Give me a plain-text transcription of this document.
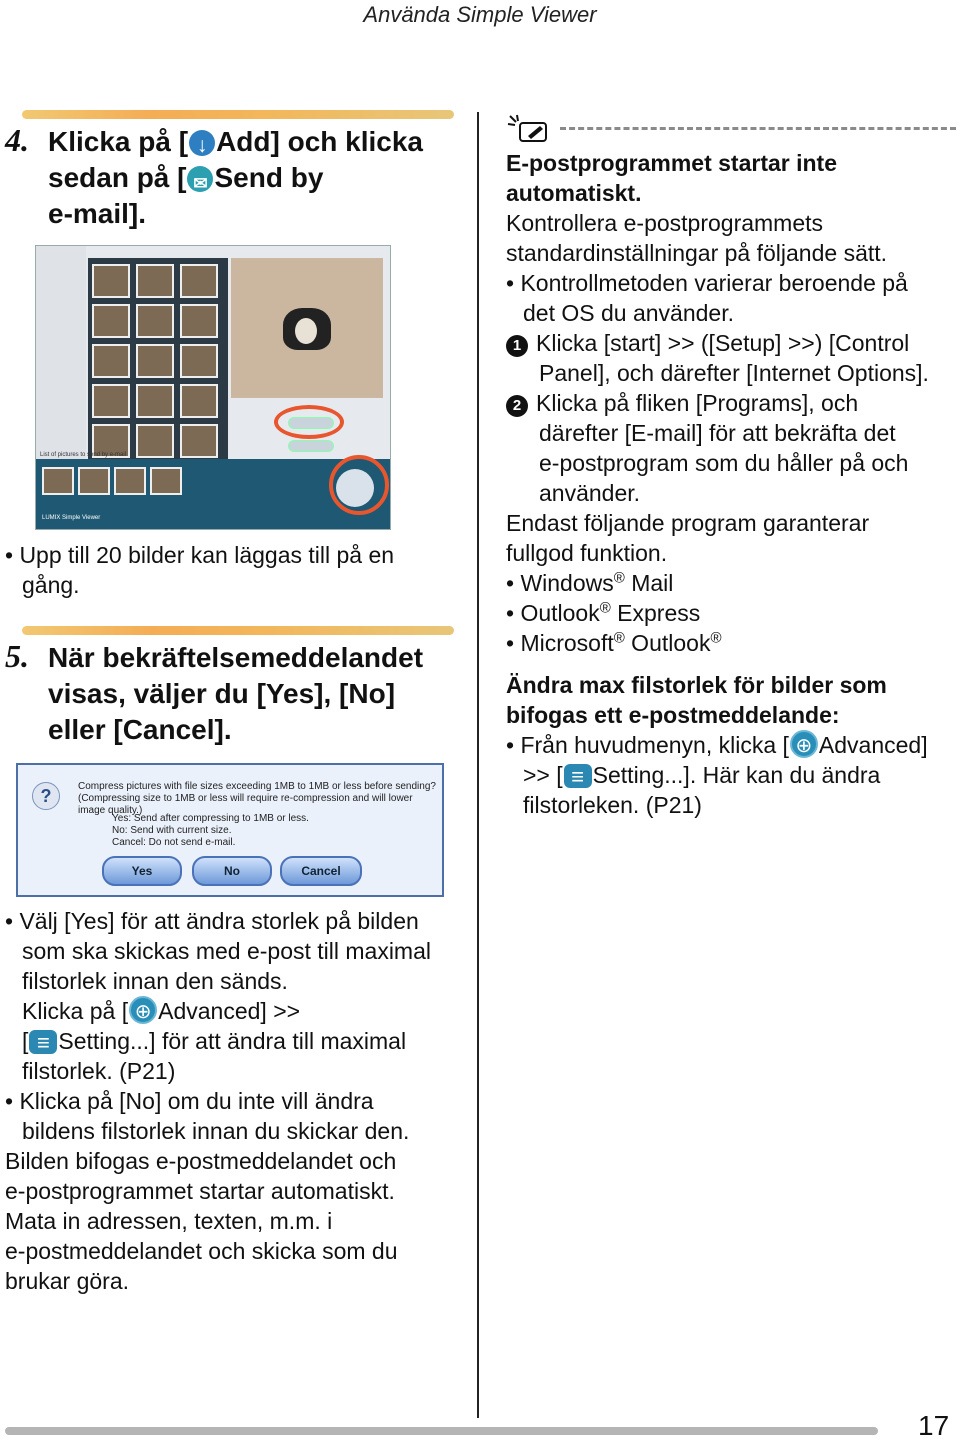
Använda Simple Viewer
17
4. Klicka på [ ↓ Add] och klicka
sedan på [ ✉ Send by
e-mail].
List of pictures to send by e-mail
LUMIX Simple Viewer
• Upp till 20 bilder kan läggas till på en
gång.
5. När bekräftelsemeddelandet
visas, väljer du [Yes], [No]
eller [Cancel].
?	Compress pictures with file sizes exceeding 1MB to 1MB or less before sending?
(Compressing size to 1MB or less will require re-compression and will lower image quality.)
Yes: Send after compressing to 1MB or less.
No: Send with current size.
Cancel: Do not send e-mail.
Yes	No	Cancel
• Välj [Yes] för att ändra storlek på bilden
som ska skickas med e-post till maximal
filstorlek innan den sänds.
Klicka på [ ⊕ Advanced] >>
[ ≡ Setting...] för att ändra till maximal
filstorlek. (P21)
• Klicka på [No] om du inte vill ändra
bildens filstorlek innan du skickar den.
Bilden bifogas e-postmeddelandet och
e-postprogrammet startar automatiskt.
Mata in adressen, texten, m.m. i
e-postmeddelandet och skicka som du
brukar göra.
E-postprogrammet startar inte
automatiskt.
Kontrollera e-postprogrammets
standardinställningar på följande sätt.
• Kontrollmetoden varierar beroende på
det OS du använder.
1 Klicka [start] >> ([Setup] >>) [Control
Panel], och därefter [Internet Options].
2 Klicka på fliken [Programs], och
därefter [E-mail] för att bekräfta det
e-postprogram som du håller på och
använder.
Endast följande program garanterar
fullgod funktion.
• Windows® Mail
• Outlook® Express
• Microsoft® Outlook®
Ändra max filstorlek för bilder som
bifogas ett e-postmeddelande:
• Från huvudmenyn, klicka [ ⊕ Advanced]
>> [ ≡ Setting...]. Här kan du ändra
filstorleken. (P21)
